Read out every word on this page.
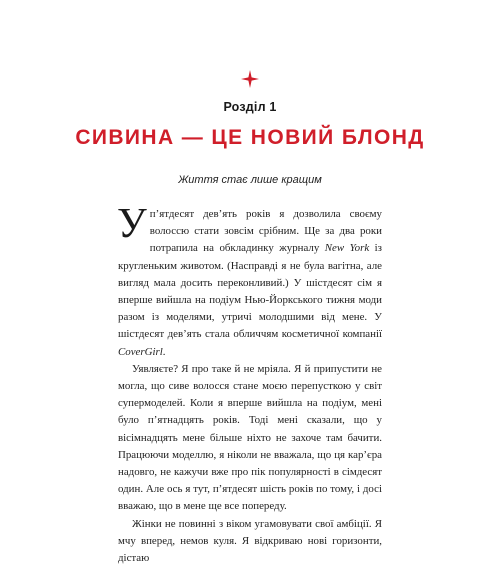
Розділ 1
СИВИНА — ЦЕ НОВИЙ БЛОНД
Життя стає лише кращим

У п’ятдесят дев’ять років я дозволила своєму волоссю стати зовсім срібним. Ще за два роки потрапила на обкладинку журналу New York із кругленьким животом. (Насправді я не була вагітна, але вигляд мала досить переконливий.) У шістдесят сім я вперше вийшла на подіум Нью-Йоркського тижня моди разом із моделями, утричі молодшими від мене. У шістдесят дев’ять стала обличчям косметичної компанії CoverGirl.

Уявляєте? Я про таке й не мріяла. Я й припустити не могла, що сиве волосся стане моєю перепусткою у світ супермоделей. Коли я вперше вийшла на подіум, мені було п’ятнадцять років. Тоді мені сказали, що у вісімнадцять мене більше ніхто не захоче там бачити. Працюючи моделлю, я ніколи не вважала, що ця кар’єра надовго, не кажучи вже про пік популярності в сімдесят один. Але ось я тут, п’ятдесят шість років по тому, і досі вважаю, що в мене ще все попереду.

Жінки не повинні з віком угамовувати свої амбіції. Я мчу вперед, немов куля. Я відкриваю нові горизонти, дістаю
